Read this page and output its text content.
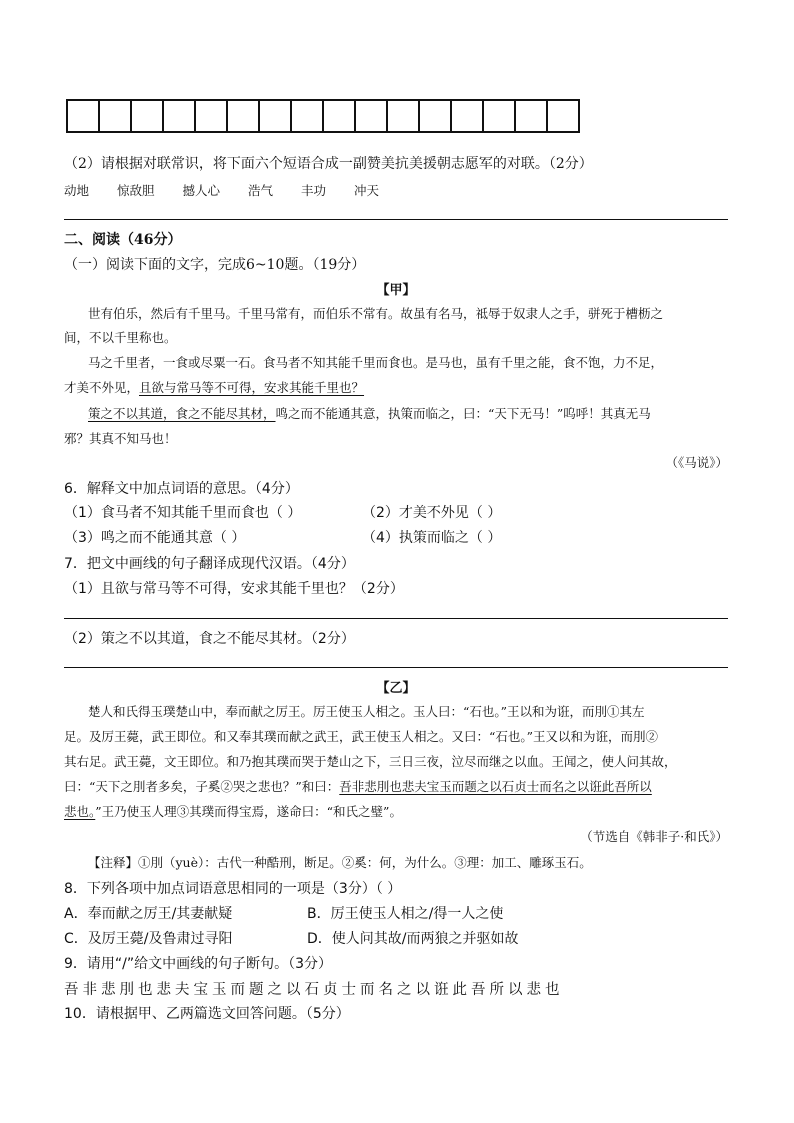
（2）请根据对联常识，将下面六个短语合成一副赞美抗美援朝志愿军的对联。（2分）
动地 惊敌胆 撼人心 浩气 丰功 冲天
二、阅读（46分）
（一）阅读下面的文字，完成6~10题。（19分）
【甲】
世有伯乐，然后有千里马。千里马常有，而伯乐不常有。故虽有名马，祗辱于奴隶人之手，骈死于槽枥之
间，不以千里称也。
马之千里者，一食或尽粟一石。食马者不知其能千里而食也。是马也，虽有千里之能，食不饱，力不足，
才美不外见，且欲与常马等不可得，安求其能千里也？
策之不以其道，食之不能尽其材，鸣之而不能通其意，执策而临之，曰：“天下无马！”呜呼！其真无马
邪？其真不知马也！
（《马说》）
6．解释文中加点词语的意思。（4分）
（1）食马者不知其能千里而食也（ ）	（2）才美不外见（ ）
（3）鸣之而不能通其意（ ）	（4）执策而临之（ ）
7．把文中画线的句子翻译成现代汉语。（4分）
（1）且欲与常马等不可得，安求其能千里也？（2分）
（2）策之不以其道，食之不能尽其材。（2分）
【乙】
楚人和氏得玉璞楚山中，奉而献之厉王。厉王使玉人相之。玉人曰：“石也。”王以和为诳，而刖①其左
足。及厉王薨，武王即位。和又奉其璞而献之武王，武王使玉人相之。又曰：“石也。”王又以和为诳，而刖②
其右足。武王薨，文王即位。和乃抱其璞而哭于楚山之下，三日三夜，泣尽而继之以血。王闻之，使人问其故，
曰：“天下之刖者多矣，子奚②哭之悲也？”和曰：吾非悲刖也悲夫宝玉而题之以石贞士而名之以诳此吾所以
悲也。”王乃使玉人理③其璞而得宝焉，遂命曰：“和氏之璧”。
（节选自《韩非子·和氏》）
【注释】①刖（yuè）：古代一种酷刑，断足。②奚：何，为什么。③理：加工、雕琢玉石。
8．下列各项中加点词语意思相同的一项是（3分）（ ）
A．奉而献之厉王/其妻献疑	B．厉王使玉人相之/得一人之使
C．及厉王薨/及鲁肃过寻阳	D．使人问其故/而两狼之并驱如故
9．请用“/”给文中画线的句子断句。（3分）
吾非悲刖也悲夫宝玉而题之以石贞士而名之以诳此吾所以悲也
10．请根据甲、乙两篇选文回答问题。（5分）
